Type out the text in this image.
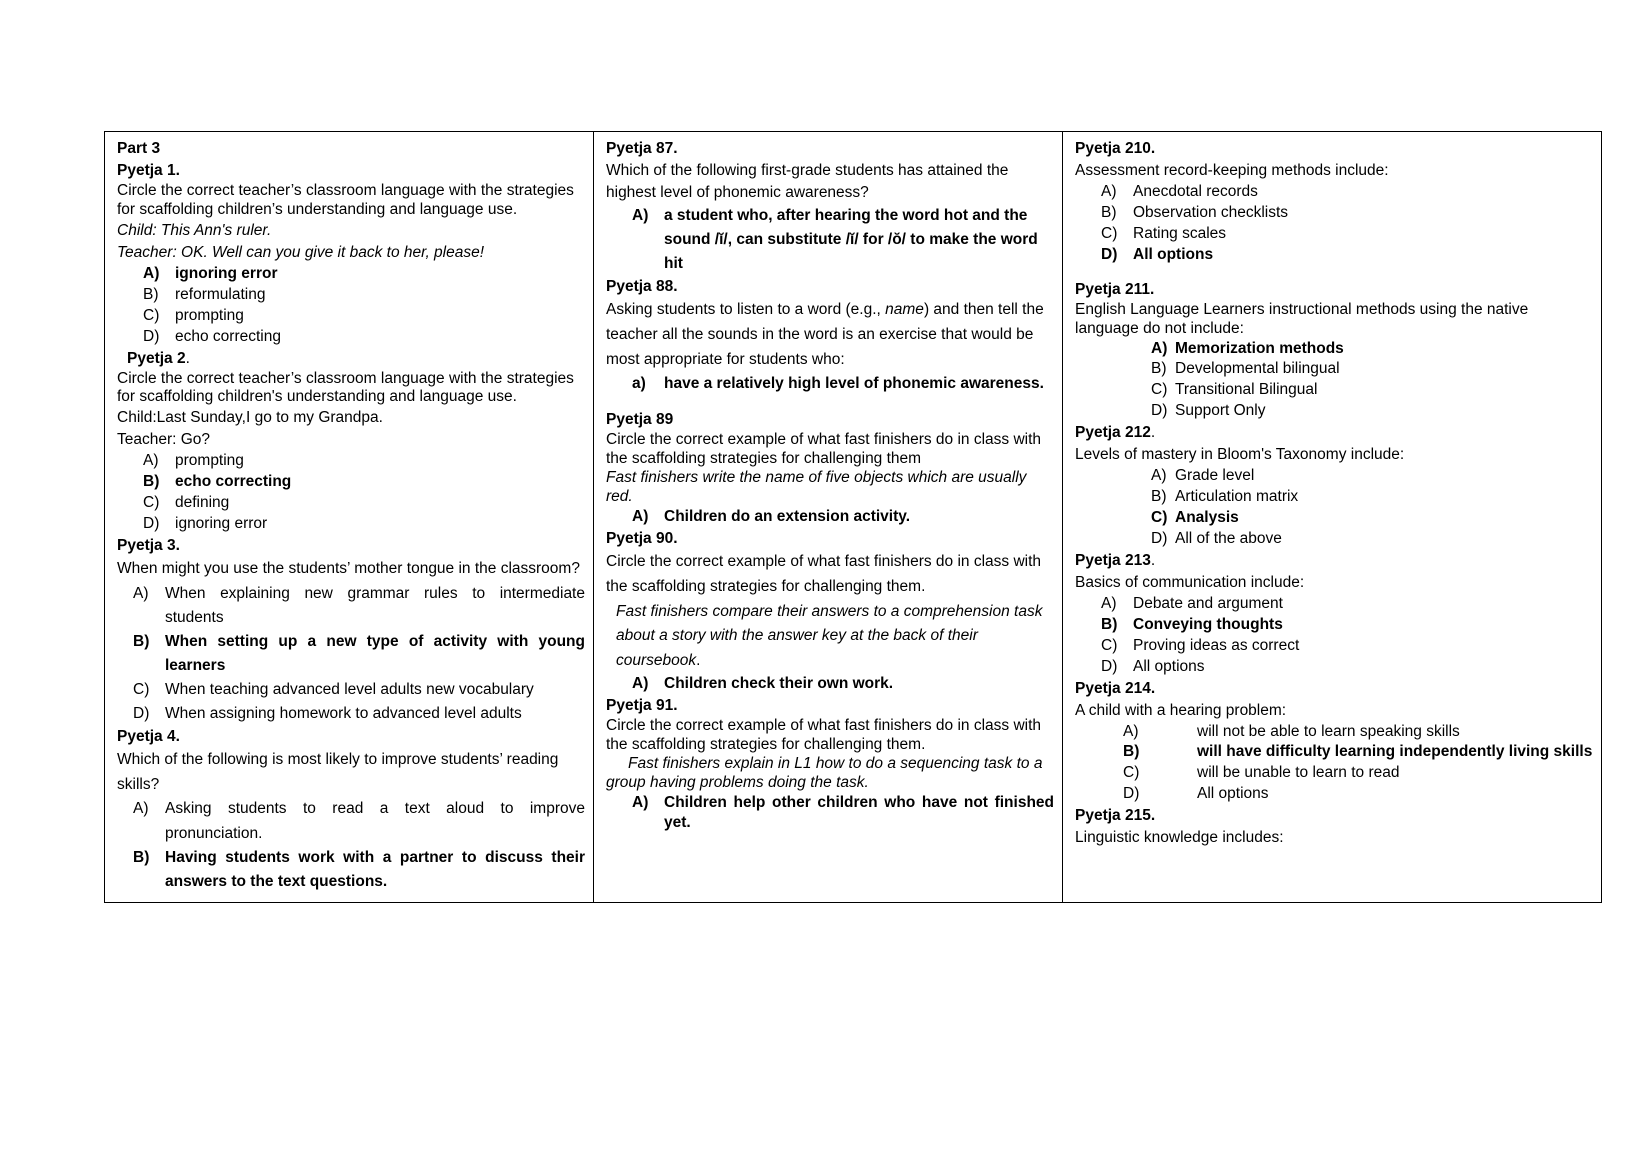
Part 3

Pyetja 1.

Circle the correct teacher’s classroom language with the strategies for scaffolding children’s understanding and language use.

Child: This Ann's ruler.

Teacher: OK. Well can you give it back to her, please!

A)	ignoring error
B)	reformulating
C)	prompting
D)	echo correcting

Pyetja 2.

Circle the correct teacher’s classroom language with the strategies for scaffolding children's understanding and language use.

Child:Last Sunday,I go to my Grandpa.

Teacher: Go?

A)	prompting
B)	echo correcting
C)	defining
D)	ignoring error

Pyetja 3.

When might you use the students’ mother tongue in the classroom?

A)	When explaining new grammar rules to intermediate students
B)	When setting up a new type of activity with young learners
C)	When teaching advanced level adults new vocabulary
D)	When assigning homework to advanced level adults

Pyetja 4.

Which of the following is most likely to improve students’ reading skills?

A)	Asking students to read a text aloud to improve pronunciation.
B)	Having students work with a partner to discuss their answers to the text questions.

Pyetja 87.

Which of the following first-grade students has attained the highest level of phonemic awareness?

A)	a student who, after hearing the word hot and the sound /ĭ/, can substitute /ĭ/ for /ŏ/ to make the word hit

Pyetja 88.

Asking students to listen to a word (e.g., name) and then tell the teacher all the sounds in the word is an exercise that would be most appropriate for students who:

a)	have a relatively high level of phonemic awareness.

Pyetja 89

Circle the correct example of what fast finishers do in class with the scaffolding strategies for challenging them

Fast finishers write the name of five objects which are usually red.

A)	Children do an extension activity.

Pyetja 90.

Circle the correct example of what fast finishers do in class with the scaffolding strategies for challenging them.

Fast finishers compare their answers to a comprehension task about a story with the answer key at the back of their coursebook.

A)	Children check their own work.

Pyetja 91.

Circle the correct example of what fast finishers do in class with the scaffolding strategies for challenging them.

Fast finishers explain in L1 how to do a sequencing task to a group having problems doing the task.

A)	Children help other children who have not finished yet.

Pyetja 210.

Assessment record-keeping methods include:

A)	Anecdotal records
B)	Observation checklists
C)	Rating scales
D)	All options

Pyetja 211.

English Language Learners instructional methods using the native language do not include:

A) Memorization methods
B) Developmental bilingual
C) Transitional Bilingual
D) Support Only

Pyetja 212.

Levels of mastery in Bloom's Taxonomy include:

A) Grade level
B) Articulation matrix
C) Analysis
D) All of the above

Pyetja 213.

Basics of communication include:

A)	Debate and argument
B)	Conveying thoughts
C)	Proving ideas as correct
D)	All options

Pyetja 214.

A child with a hearing problem:

A)	will not be able to learn speaking skills
B)	will have difficulty learning independently living skills
C)	will be unable to learn to read
D)	All options

Pyetja 215.

Linguistic knowledge includes:
